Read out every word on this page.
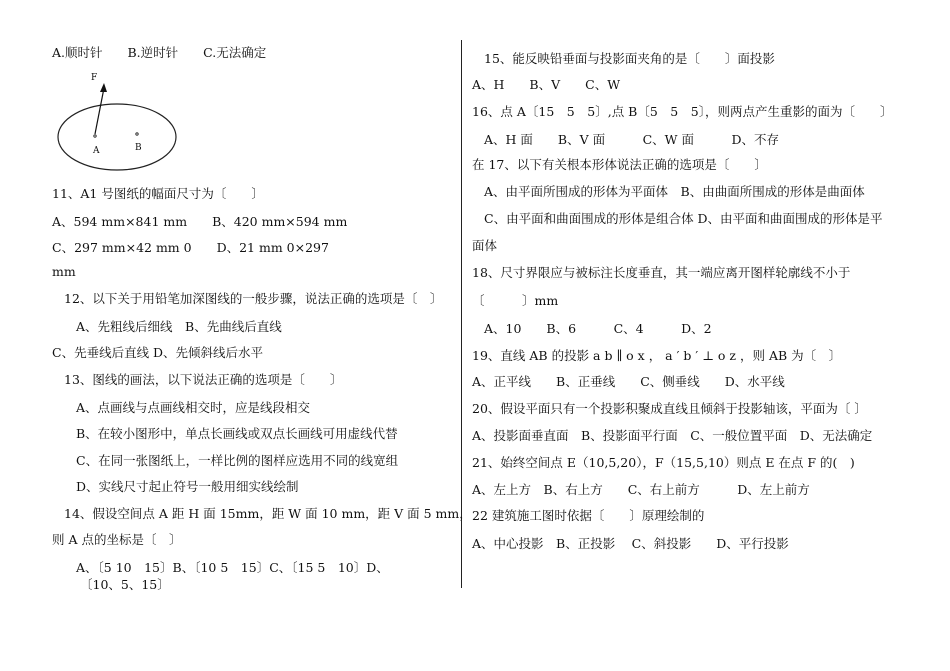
A.顺时针　　B.逆时针　　C.无法确定
F
A	B
11、A1 号图纸的幅面尺寸为〔　　〕
A、594 mm×841 mm　　B、420 mm×594 mm
C、297 mm×42 mm 0　　D、21 mm 0×297
mm
12、以下关于用铅笔加深图线的一般步骤，说法正确的选项是〔　〕
A、先粗线后细线　B、先曲线后直线
C、先垂线后直线 D、先倾斜线后水平
13、图线的画法，以下说法正确的选项是〔　　〕
A、点画线与点画线相交时，应是线段相交
B、在较小图形中，单点长画线或双点长画线可用虚线代替
C、在同一张图纸上，一样比例的图样应选用不同的线宽组
D、实线尺寸起止符号一般用细实线绘制
14、假设空间点 A 距 H 面 15mm，距 W 面 10 mm，距 V 面 5 mm，
则 A 点的坐标是〔　〕
A、〔5 10　15〕B、〔10 5　15〕C、〔15 5　10〕D、
〔10、5、15〕
15、能反映铅垂面与投影面夹角的是〔　　〕面投影
A、H　　B、V　　C、W
16、点 A〔15　5　5〕,点 B〔5　5　5〕，则两点产生重影的面为〔　　〕
A、H 面　　B、V 面　　　C、W 面　　　D、不存
在 17、以下有关根本形体说法正确的选项是〔　　〕
A、由平面所围成的形体为平面体　B、由曲面所围成的形体是曲面体
C、由平面和曲面围成的形体是组合体 D、由平面和曲面围成的形体是平
面体
18、尺寸界限应与被标注长度垂直，其一端应离开图样轮廓线不小于
〔　　　〕mm
A、10　　B、6　　　C、4　　　D、2
19、直线 AB 的投影 a b ∥ o x ， a ′ b ′ ⊥ o z ，则 AB 为〔　〕
A、正平线　　B、正垂线　　C、侧垂线　　D、水平线
20、假设平面只有一个投影积聚成直线且倾斜于投影轴该，平面为〔 〕
A、投影面垂直面　B、投影面平行面　C、一般位置平面　D、无法确定
21、始终空间点 E（10,5,20），F（15,5,10）则点 E 在点 F 的(　)
A、左上方　B、右上方　　C、右上前方　　　D、左上前方
22 建筑施工图时依据〔　　〕原理绘制的
A、中心投影　B、正投影　 C、斜投影　　D、平行投影
